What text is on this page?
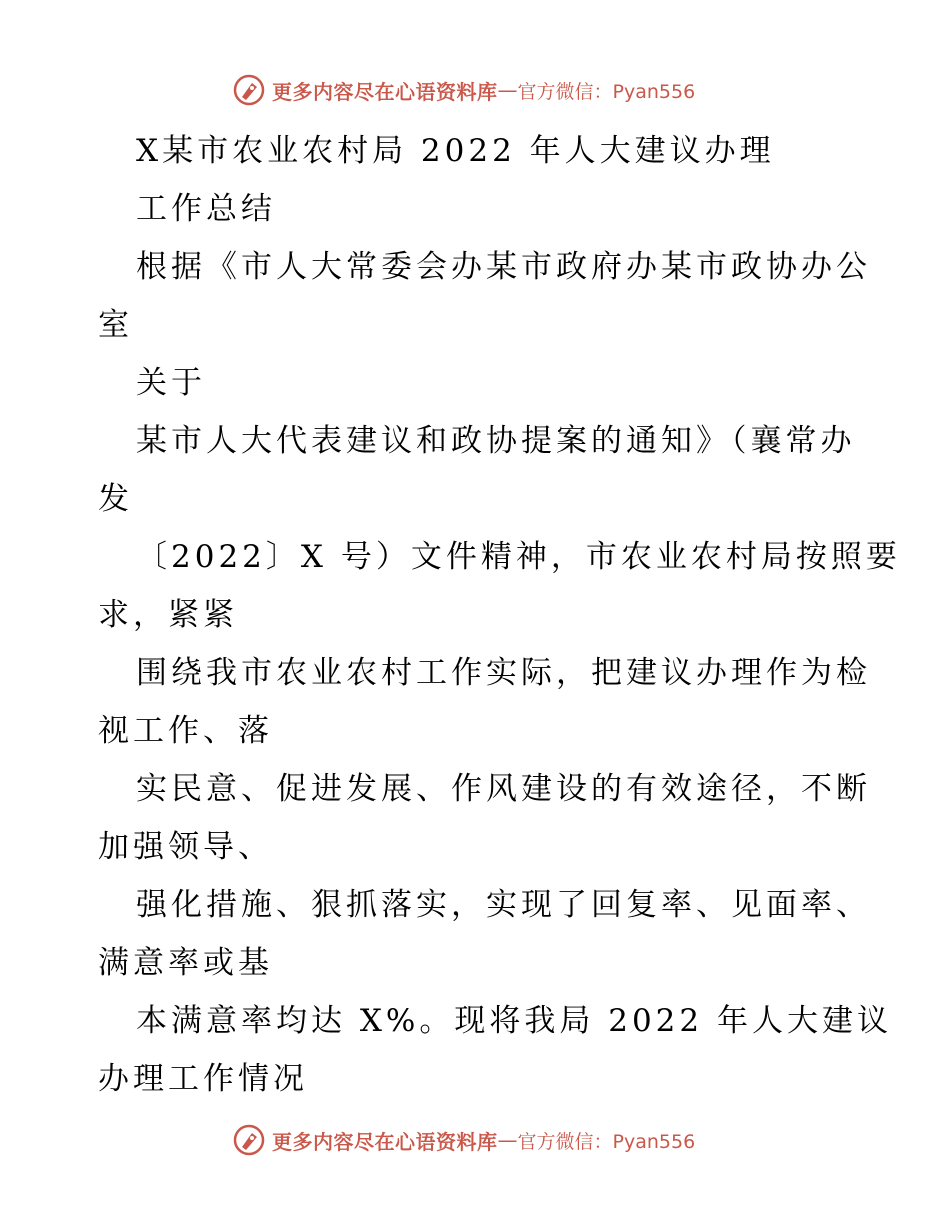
更多内容尽在心语资料库 — 官方微信：Pyan556
X某市农业农村局 2022 年人大建议办理
工作总结
根据《市人大常委会办某市政府办某市政协办公
室
关于
某市人大代表建议和政协提案的通知》（襄常办
发
〔2022〕X 号）文件精神，市农业农村局按照要
求，紧紧
围绕我市农业农村工作实际，把建议办理作为检
视工作、落
实民意、促进发展、作风建设的有效途径，不断
加强领导、
强化措施、狠抓落实，实现了回复率、见面率、
满意率或基
本满意率均达 X%。现将我局 2022 年人大建议
办理工作情况
更多内容尽在心语资料库 — 官方微信：Pyan556
